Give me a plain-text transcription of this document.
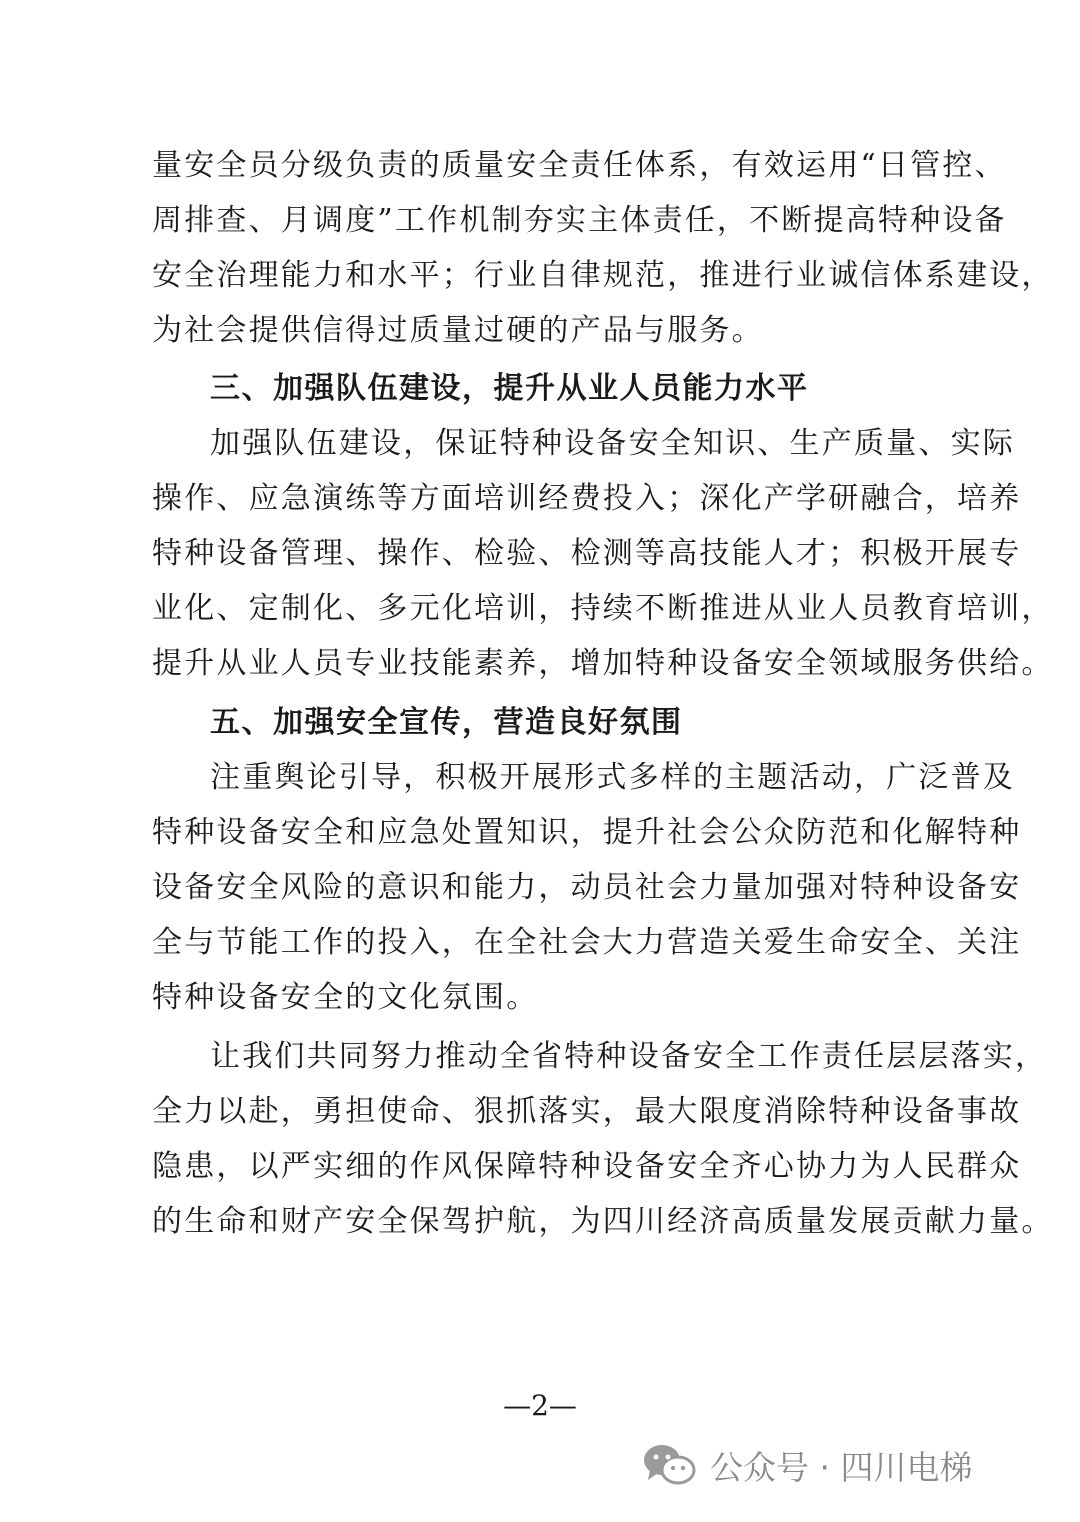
量安全员分级负责的质量安全责任体系，有效运用“日管控、
周排查、月调度”工作机制夯实主体责任，不断提高特种设备
安全治理能力和水平；行业自律规范，推进行业诚信体系建设，
为社会提供信得过质量过硬的产品与服务。
三、加强队伍建设，提升从业人员能力水平
加强队伍建设，保证特种设备安全知识、生产质量、实际
操作、应急演练等方面培训经费投入；深化产学研融合，培养
特种设备管理、操作、检验、检测等高技能人才；积极开展专
业化、定制化、多元化培训，持续不断推进从业人员教育培训，
提升从业人员专业技能素养，增加特种设备安全领域服务供给。
五、加强安全宣传，营造良好氛围
注重舆论引导，积极开展形式多样的主题活动，广泛普及
特种设备安全和应急处置知识，提升社会公众防范和化解特种
设备安全风险的意识和能力，动员社会力量加强对特种设备安
全与节能工作的投入，在全社会大力营造关爱生命安全、关注
特种设备安全的文化氛围。
让我们共同努力推动全省特种设备安全工作责任层层落实，
全力以赴，勇担使命、狠抓落实，最大限度消除特种设备事故
隐患，以严实细的作风保障特种设备安全齐心协力为人民群众
的生命和财产安全保驾护航，为四川经济高质量发展贡献力量。
—2—
公众号 · 四川电梯
